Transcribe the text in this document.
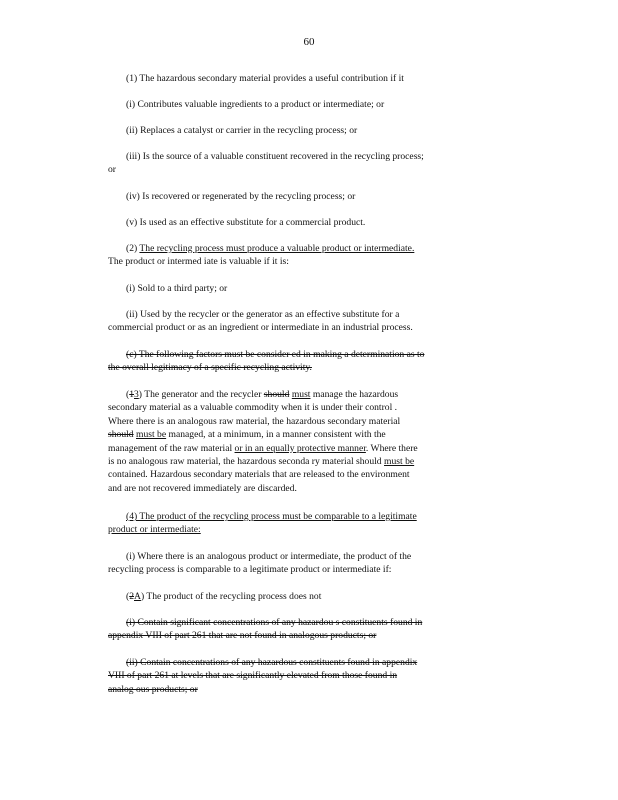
60

(1) The hazardous secondary material provides a useful contribution if it

(i) Contributes valuable ingredients to a product or intermediate; or

(ii) Replaces a catalyst or carrier in the recycling process; or

(iii) Is the source of a valuable constituent recovered in the recycling process;
or

(iv) Is recovered or regenerated by the recycling process; or

(v) Is used as an effective substitute for a commercial product.

(2) The recycling process must produce a valuable product or intermediate.
The product or intermed iate is valuable if it is:

(i) Sold to a third party; or

(ii) Used by the recycler or the generator as an effective substitute for a
commercial product or as an ingredient or intermediate in an industrial process.

(c) The following factors must be consider ed in making a determination as to
the overall legitimacy of a specific recycling activity.

(13) The generator and the recycler should must manage the hazardous
secondary material as a valuable commodity when it is under their control .
Where there is an analogous raw material, the hazardous secondary material
should must be managed, at a minimum, in a manner consistent with the
management of the raw material or in an equally protective manner. Where there
is no analogous raw material, the hazardous seconda ry material should must be
contained. Hazardous secondary materials that are released to the environment
and are not recovered immediately are discarded.

(4) The product of the recycling process must be comparable to a legitimate
product or intermediate:

(i) Where there is an analogous product or intermediate, the product of the
recycling process is comparable to a legitimate product or intermediate if:

(2A) The product of the recycling process does not

(i) Contain significant concentrations of any hazardou s constituents found in
appendix VIII of part 261 that are not found in analogous products; or

(ii) Contain concentrations of any hazardous constituents found in appendix
VIII of part 261 at levels that are significantly elevated from those found in
analog ous products; or
